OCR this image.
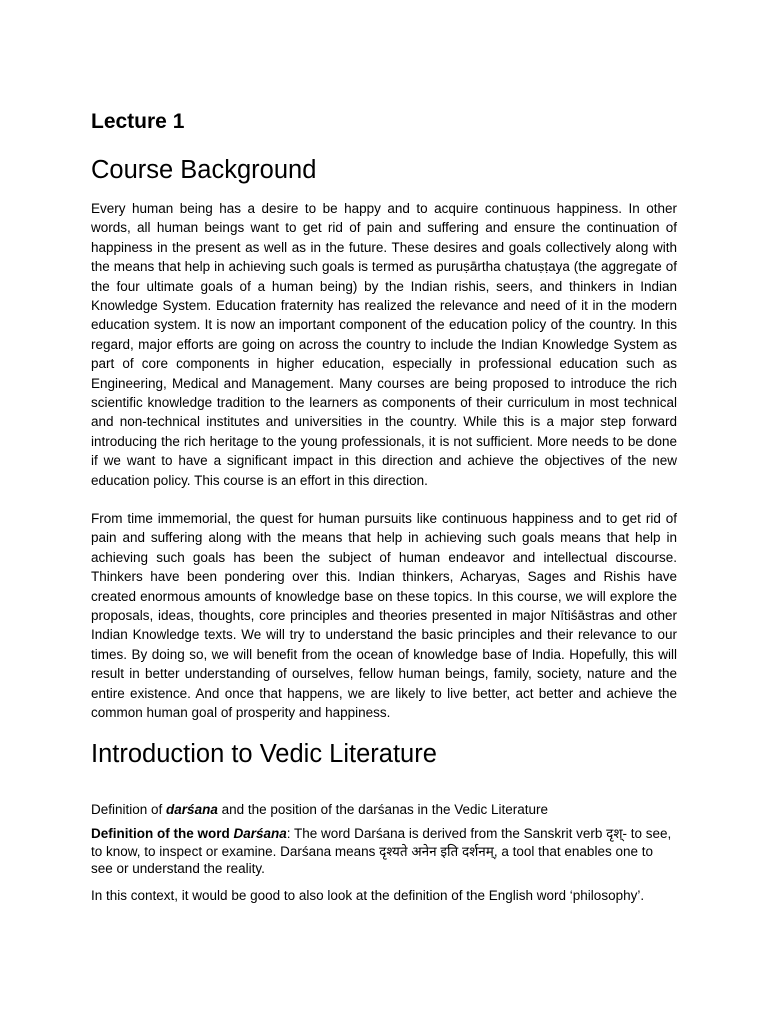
Lecture 1
Course Background

Every human being has a desire to be happy and to acquire continuous happiness. In other words, all human beings want to get rid of pain and suffering and ensure the continuation of happiness in the present as well as in the future. These desires and goals collectively along with the means that help in achieving such goals is termed as puruṣārtha chatuṣṭaya (the aggregate of the four ultimate goals of a human being) by the Indian rishis, seers, and thinkers in Indian Knowledge System. Education fraternity has realized the relevance and need of it in the modern education system. It is now an important component of the education policy of the country. In this regard, major efforts are going on across the country to include the Indian Knowledge System as part of core components in higher education, especially in professional education such as Engineering, Medical and Management. Many courses are being proposed to introduce the rich scientific knowledge tradition to the learners as components of their curriculum in most technical and non-technical institutes and universities in the country. While this is a major step forward introducing the rich heritage to the young professionals, it is not sufficient. More needs to be done if we want to have a significant impact in this direction and achieve the objectives of the new education policy. This course is an effort in this direction.

From time immemorial, the quest for human pursuits like continuous happiness and to get rid of pain and suffering along with the means that help in achieving such goals means that help in achieving such goals has been the subject of human endeavor and intellectual discourse. Thinkers have been pondering over this. Indian thinkers, Acharyas, Sages and Rishis have created enormous amounts of knowledge base on these topics. In this course, we will explore the proposals, ideas, thoughts, core principles and theories presented in major Nītiśāstras and other Indian Knowledge texts. We will try to understand the basic principles and their relevance to our times. By doing so, we will benefit from the ocean of knowledge base of India. Hopefully, this will result in better understanding of ourselves, fellow human beings, family, society, nature and the entire existence. And once that happens, we are likely to live better, act better and achieve the common human goal of prosperity and happiness.

Introduction to Vedic Literature

Definition of darśana and the position of the darśanas in the Vedic Literature

Definition of the word Darśana: The word Darśana is derived from the Sanskrit verb दृश्- to see, to know, to inspect or examine. Darśana means दृश्यते अनेन इति दर्शनम्, a tool that enables one to see or understand the reality.

In this context, it would be good to also look at the definition of the English word ‘philosophy’.
